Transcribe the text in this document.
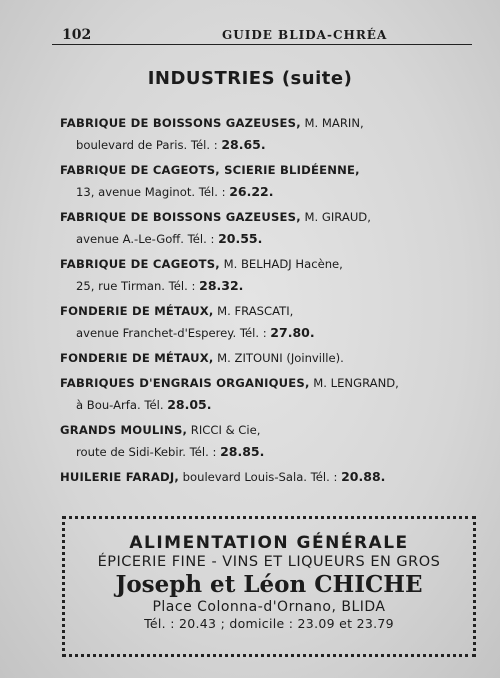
102	GUIDE BLIDA-CHRÉA
INDUSTRIES (suite)
FABRIQUE DE BOISSONS GAZEUSES, M. MARIN,
boulevard de Paris. Tél. : 28.65.
FABRIQUE DE CAGEOTS, SCIERIE BLIDÉENNE,
13, avenue Maginot. Tél. : 26.22.
FABRIQUE DE BOISSONS GAZEUSES, M. GIRAUD,
avenue A.-Le-Goff. Tél. : 20.55.
FABRIQUE DE CAGEOTS, M. BELHADJ Hacène,
25, rue Tirman. Tél. : 28.32.
FONDERIE DE MÉTAUX, M. FRASCATI,
avenue Franchet-d'Esperey. Tél. : 27.80.
FONDERIE DE MÉTAUX, M. ZITOUNI (Joinville).
FABRIQUES D'ENGRAIS ORGANIQUES, M. LENGRAND,
à Bou-Arfa. Tél. 28.05.
GRANDS MOULINS, RICCI & Cie,
route de Sidi-Kebir. Tél. : 28.85.
HUILERIE FARADJ, boulevard Louis-Sala. Tél. : 20.88.
ALIMENTATION GÉNÉRALE
ÉPICERIE FINE - VINS ET LIQUEURS EN GROS
Joseph et Léon CHICHE
Place Colonna-d'Ornano, BLIDA
Tél. : 20.43 ; domicile : 23.09 et 23.79
